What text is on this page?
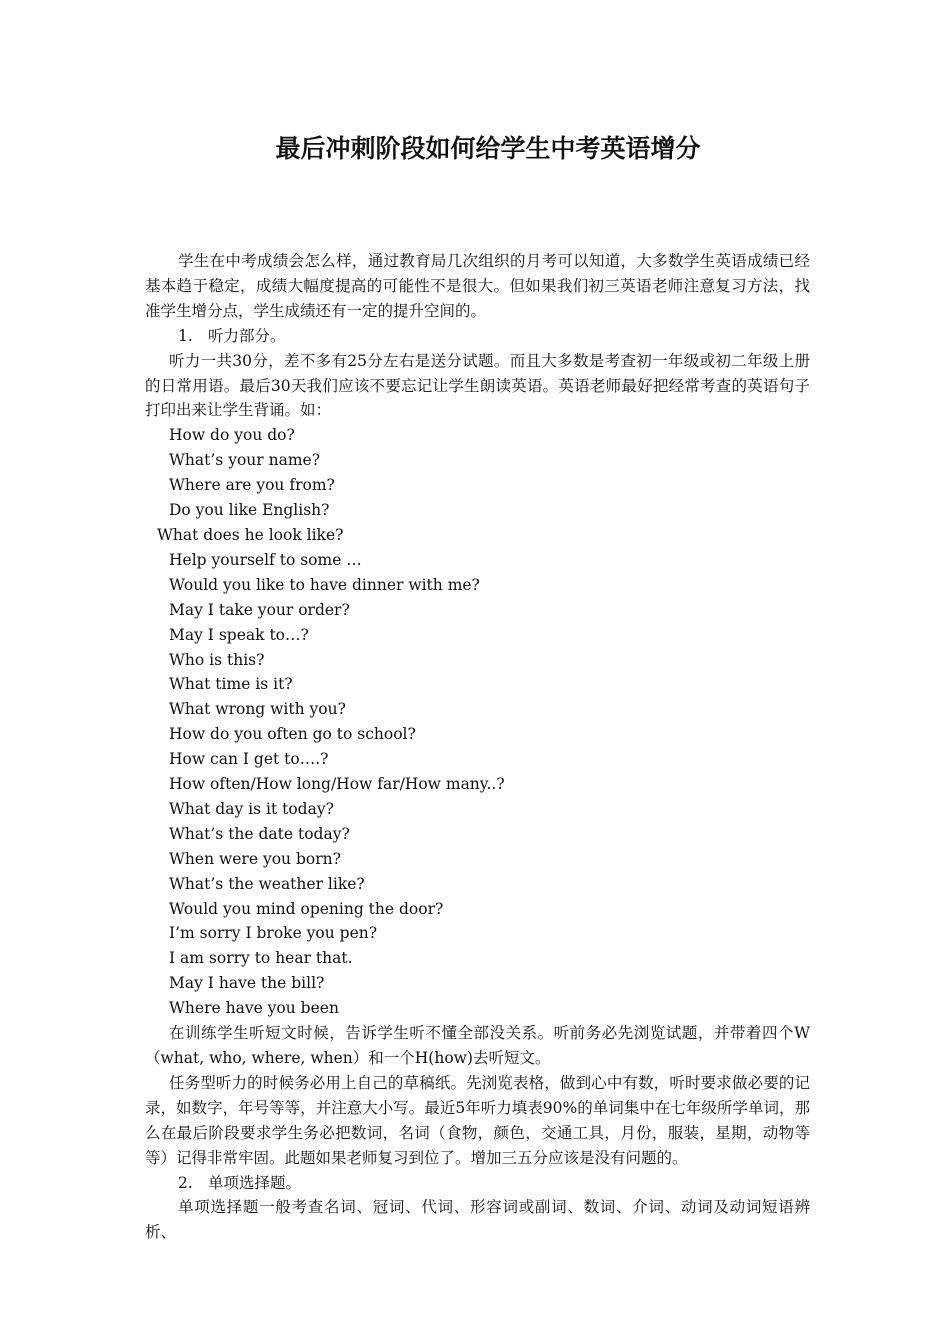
最后冲刺阶段如何给学生中考英语增分

学生在中考成绩会怎么样，通过教育局几次组织的月考可以知道，大多数学生英语成绩已经基本趋于稳定，成绩大幅度提高的可能性不是很大。但如果我们初三英语老师注意复习方法，找准学生增分点，学生成绩还有一定的提升空间的。

1. 听力部分。

听力一共30分，差不多有25分左右是送分试题。而且大多数是考查初一年级或初二年级上册的日常用语。最后30天我们应该不要忘记让学生朗读英语。英语老师最好把经常考查的英语句子打印出来让学生背诵。如：

How do you do?

What’s your name?

Where are you from?

Do you like English?

What does he look like?

Help yourself to some …

Would you like to have dinner with me?

May I take your order?

May I speak to…?

Who is this?

What time is it?

What wrong with you?

How do you often go to school?

How can I get to….?

How often/How long/How far/How many..?

What day is it today?

What’s the date today?

When were you born?

What’s the weather like?

Would you mind opening the door?

I’m sorry I broke you pen?

I am sorry to hear that.

May I have the bill?

Where have you been

在训练学生听短文时候，告诉学生听不懂全部没关系。听前务必先浏览试题，并带着四个W（what, who, where, when）和一个H(how)去听短文。

任务型听力的时候务必用上自己的草稿纸。先浏览表格，做到心中有数，听时要求做必要的记录，如数字，年号等等，并注意大小写。最近5年听力填表90%的单词集中在七年级所学单词，那么在最后阶段要求学生务必把数词，名词（食物，颜色，交通工具，月份，服装，星期，动物等等）记得非常牢固。此题如果老师复习到位了。增加三五分应该是没有问题的。

2. 单项选择题。

单项选择题一般考查名词、冠词、代词、形容词或副词、数词、介词、动词及动词短语辨析、
